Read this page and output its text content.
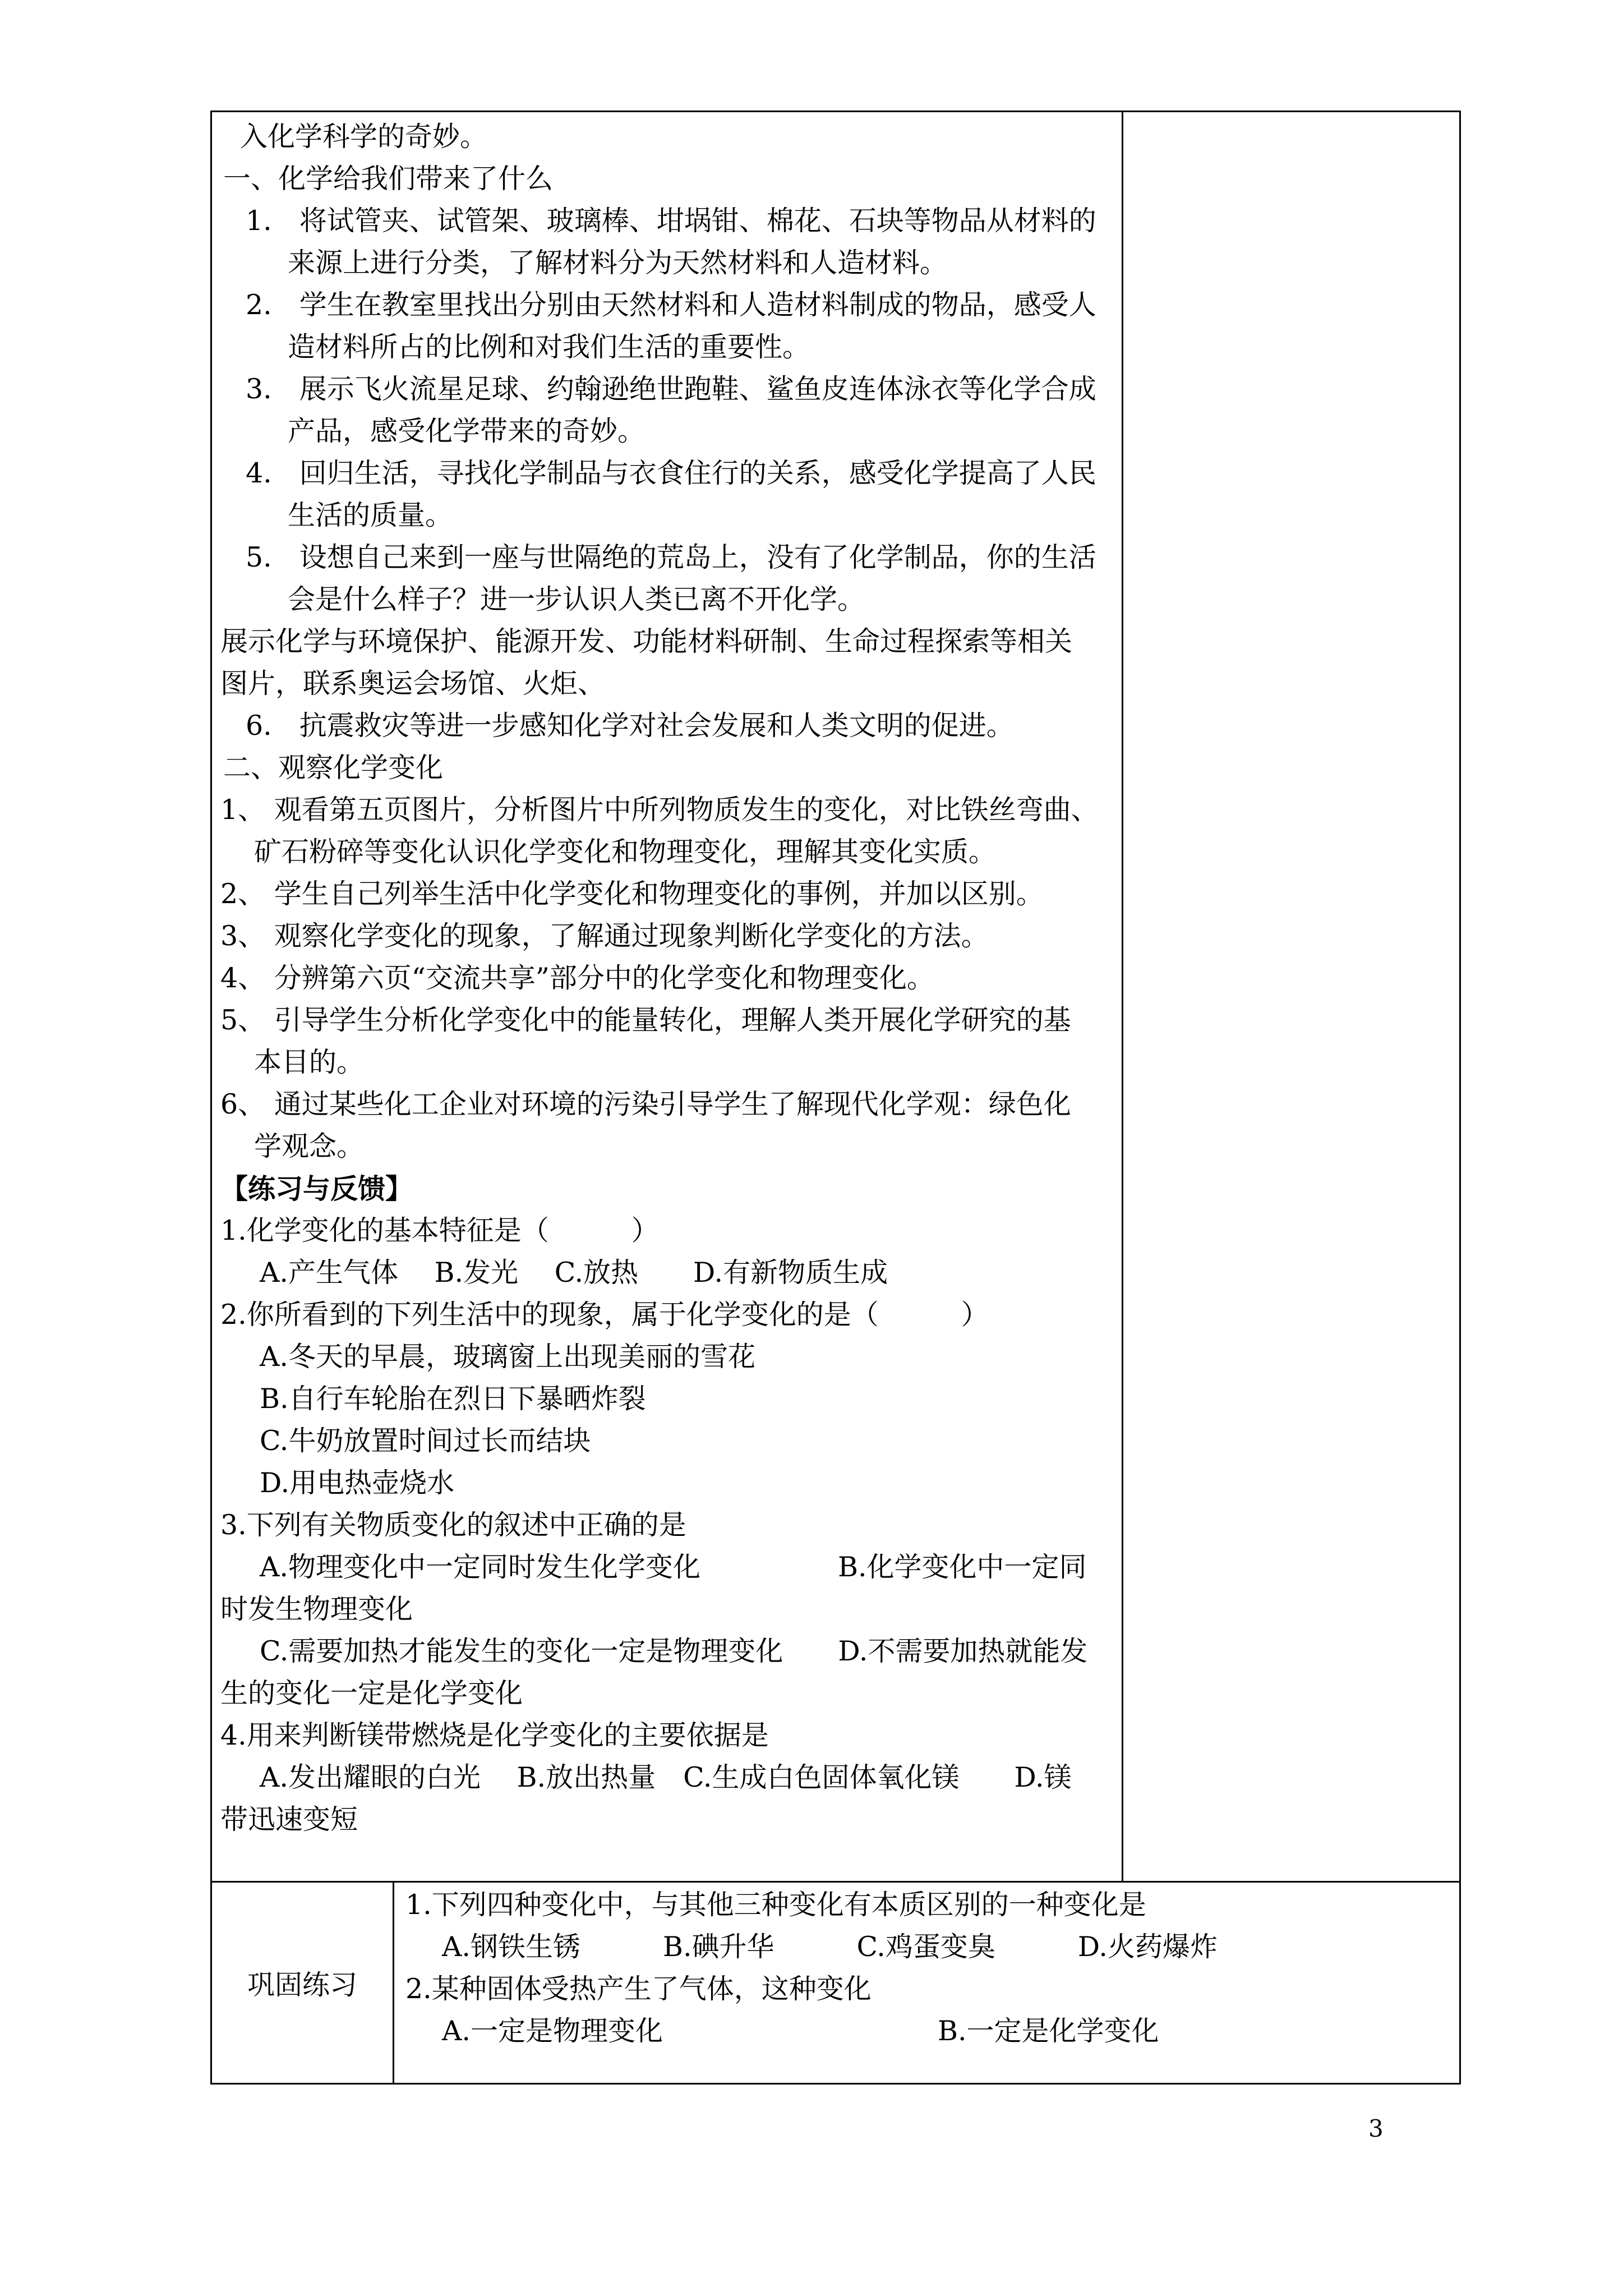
入化学科学的奇妙。
一、化学给我们带来了什么
1.　将试管夹、试管架、玻璃棒、坩埚钳、棉花、石块等物品从材料的
来源上进行分类，了解材料分为天然材料和人造材料。
2.　学生在教室里找出分别由天然材料和人造材料制成的物品，感受人
造材料所占的比例和对我们生活的重要性。
3.　展示飞火流星足球、约翰逊绝世跑鞋、鲨鱼皮连体泳衣等化学合成
产品，感受化学带来的奇妙。
4.　回归生活，寻找化学制品与衣食住行的关系，感受化学提高了人民
生活的质量。
5.　设想自己来到一座与世隔绝的荒岛上，没有了化学制品，你的生活
会是什么样子？进一步认识人类已离不开化学。
展示化学与环境保护、能源开发、功能材料研制、生命过程探索等相关
图片，联系奥运会场馆、火炬、
6.　抗震救灾等进一步感知化学对社会发展和人类文明的促进。
二、观察化学变化
1、 观看第五页图片，分析图片中所列物质发生的变化，对比铁丝弯曲、
矿石粉碎等变化认识化学变化和物理变化，理解其变化实质。
2、 学生自己列举生活中化学变化和物理变化的事例，并加以区别。
3、 观察化学变化的现象，了解通过现象判断化学变化的方法。
4、 分辨第六页“交流共享”部分中的化学变化和物理变化。
5、 引导学生分析化学变化中的能量转化，理解人类开展化学研究的基
本目的。
6、 通过某些化工企业对环境的污染引导学生了解现代化学观：绿色化
学观念。
【练习与反馈】
1.化学变化的基本特征是（　　　）
A.产生气体　 B.发光　 C.放热　　D.有新物质生成
2.你所看到的下列生活中的现象，属于化学变化的是（　　　）
A.冬天的早晨，玻璃窗上出现美丽的雪花
B.自行车轮胎在烈日下暴晒炸裂
C.牛奶放置时间过长而结块
D.用电热壶烧水
3.下列有关物质变化的叙述中正确的是
A.物理变化中一定同时发生化学变化　　　　　B.化学变化中一定同
时发生物理变化
C.需要加热才能发生的变化一定是物理变化　　D.不需要加热就能发
生的变化一定是化学变化
4.用来判断镁带燃烧是化学变化的主要依据是
A.发出耀眼的白光　 B.放出热量　C.生成白色固体氧化镁　　D.镁
带迅速变短
巩固练习
1.下列四种变化中，与其他三种变化有本质区别的一种变化是
A.钢铁生锈　　　B.碘升华　　　C.鸡蛋变臭　　　D.火药爆炸
2.某种固体受热产生了气体，这种变化
A.一定是物理变化　　　　　　　　　　B.一定是化学变化
3
